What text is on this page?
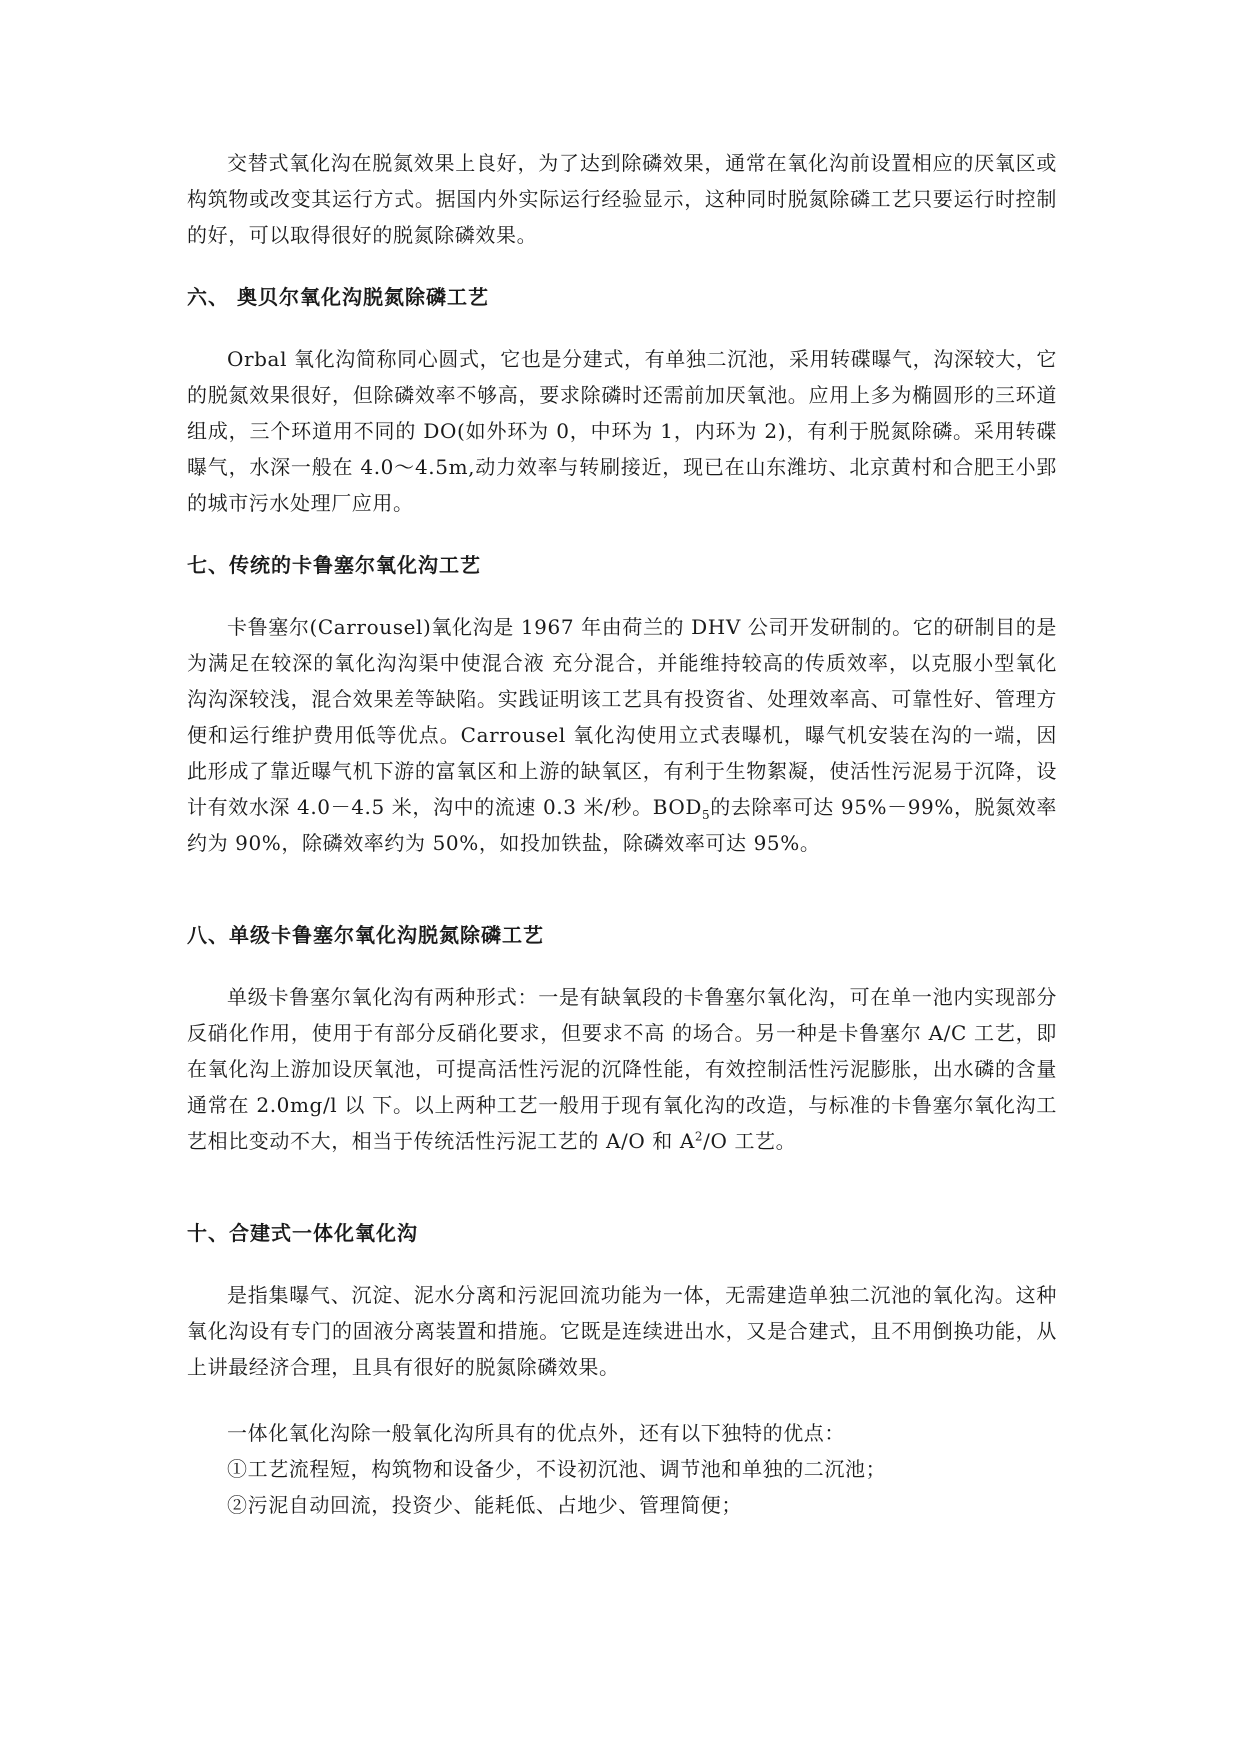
交替式氧化沟在脱氮效果上良好，为了达到除磷效果，通常在氧化沟前设置相应的厌氧区或构筑物或改变其运行方式。据国内外实际运行经验显示，这种同时脱氮除磷工艺只要运行时控制的好，可以取得很好的脱氮除磷效果。

六、 奥贝尔氧化沟脱氮除磷工艺

Orbal 氧化沟简称同心圆式，它也是分建式，有单独二沉池，采用转碟曝气，沟深较大，它的脱氮效果很好，但除磷效率不够高，要求除磷时还需前加厌氧池。应用上多为椭圆形的三环道组成，三个环道用不同的 DO(如外环为 0，中环为 1，内环为 2)，有利于脱氮除磷。采用转碟曝气，水深一般在 4.0～4.5m,动力效率与转刷接近，现已在山东潍坊、北京黄村和合肥王小郢的城市污水处理厂应用。

七、传统的卡鲁塞尔氧化沟工艺

卡鲁塞尔(Carrousel)氧化沟是 1967 年由荷兰的 DHV 公司开发研制的。它的研制目的是为满足在较深的氧化沟沟渠中使混合液 充分混合，并能维持较高的传质效率，以克服小型氧化沟沟深较浅，混合效果差等缺陷。实践证明该工艺具有投资省、处理效率高、可靠性好、管理方便和运行维护费用低等优点。Carrousel 氧化沟使用立式表曝机，曝气机安装在沟的一端，因此形成了靠近曝气机下游的富氧区和上游的缺氧区，有利于生物絮凝，使活性污泥易于沉降，设计有效水深 4.0－4.5 米，沟中的流速 0.3 米/秒。$BOD_5$的去除率可达 95%－99%，脱氮效率约为 90%，除磷效率约为 50%，如投加铁盐，除磷效率可达 95%。

八、单级卡鲁塞尔氧化沟脱氮除磷工艺

单级卡鲁塞尔氧化沟有两种形式：一是有缺氧段的卡鲁塞尔氧化沟，可在单一池内实现部分反硝化作用，使用于有部分反硝化要求，但要求不高 的场合。另一种是卡鲁塞尔 A/C 工艺，即在氧化沟上游加设厌氧池，可提高活性污泥的沉降性能，有效控制活性污泥膨胀，出水磷的含量通常在 2.0mg/l 以 下。以上两种工艺一般用于现有氧化沟的改造，与标准的卡鲁塞尔氧化沟工艺相比变动不大，相当于传统活性污泥工艺的 A/O 和 $A^2/O$ 工艺。

十、合建式一体化氧化沟

是指集曝气、沉淀、泥水分离和污泥回流功能为一体，无需建造单独二沉池的氧化沟。这种氧化沟设有专门的固液分离装置和措施。它既是连续进出水，又是合建式，且不用倒换功能，从上讲最经济合理，且具有很好的脱氮除磷效果。

一体化氧化沟除一般氧化沟所具有的优点外，还有以下独特的优点：

①工艺流程短，构筑物和设备少，不设初沉池、调节池和单独的二沉池；

②污泥自动回流，投资少、能耗低、占地少、管理简便；
